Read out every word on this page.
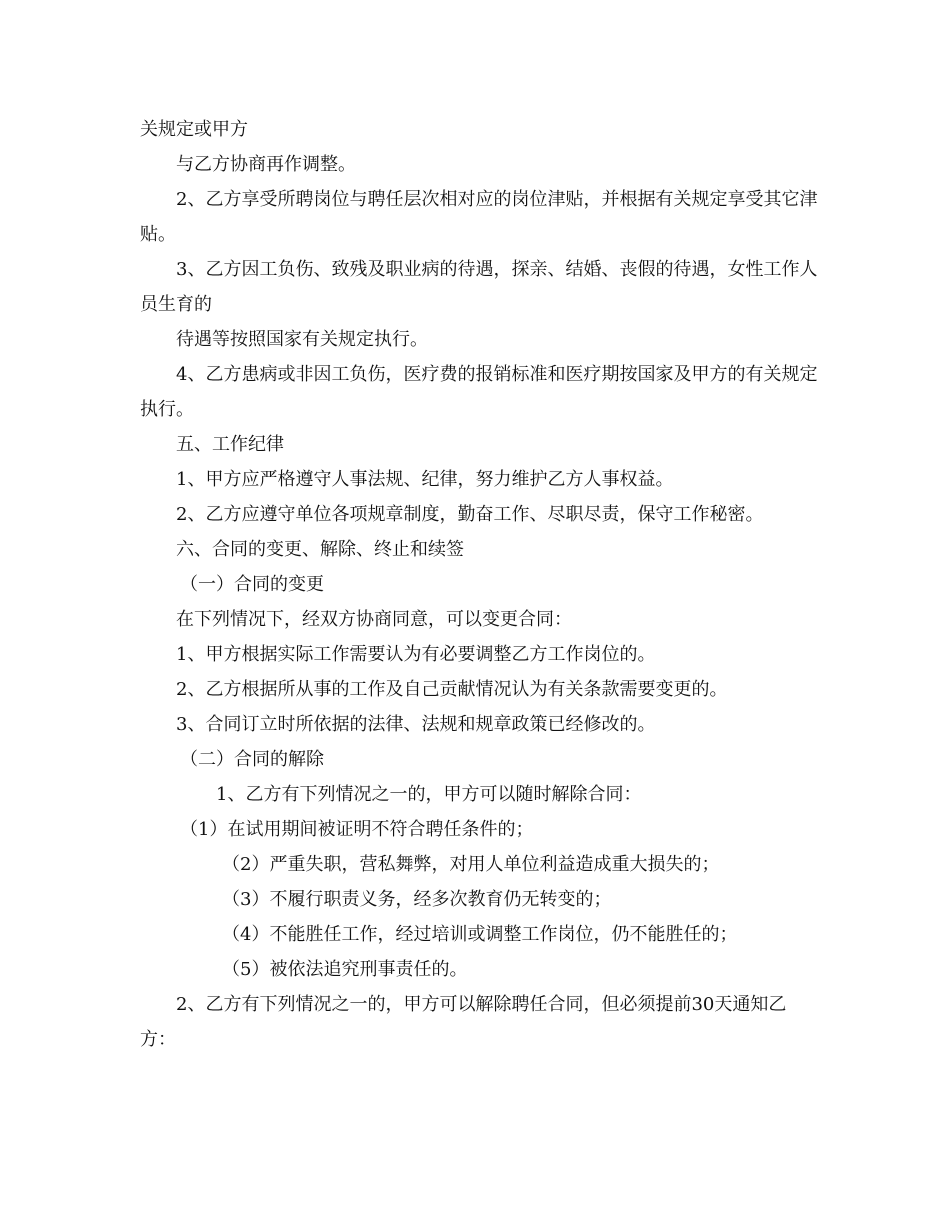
关规定或甲方

与乙方协商再作调整。

2、乙方享受所聘岗位与聘任层次相对应的岗位津贴，并根据有关规定享受其它津贴。

3、乙方因工负伤、致残及职业病的待遇，探亲、结婚、丧假的待遇，女性工作人员生育的

待遇等按照国家有关规定执行。

4、乙方患病或非因工负伤，医疗费的报销标准和医疗期按国家及甲方的有关规定执行。

五、工作纪律

1、甲方应严格遵守人事法规、纪律，努力维护乙方人事权益。

2、乙方应遵守单位各项规章制度，勤奋工作、尽职尽责，保守工作秘密。

六、合同的变更、解除、终止和续签

（一）合同的变更

在下列情况下，经双方协商同意，可以变更合同：

1、甲方根据实际工作需要认为有必要调整乙方工作岗位的。

2、乙方根据所从事的工作及自己贡献情况认为有关条款需要变更的。

3、合同订立时所依据的法律、法规和规章政策已经修改的。

（二）合同的解除

1、乙方有下列情况之一的，甲方可以随时解除合同：

（1）在试用期间被证明不符合聘任条件的；

（2）严重失职，营私舞弊，对用人单位利益造成重大损失的；

（3）不履行职责义务，经多次教育仍无转变的；

（4）不能胜任工作，经过培训或调整工作岗位，仍不能胜任的；

（5）被依法追究刑事责任的。

2、乙方有下列情况之一的，甲方可以解除聘任合同，但必须提前30天通知乙方：
